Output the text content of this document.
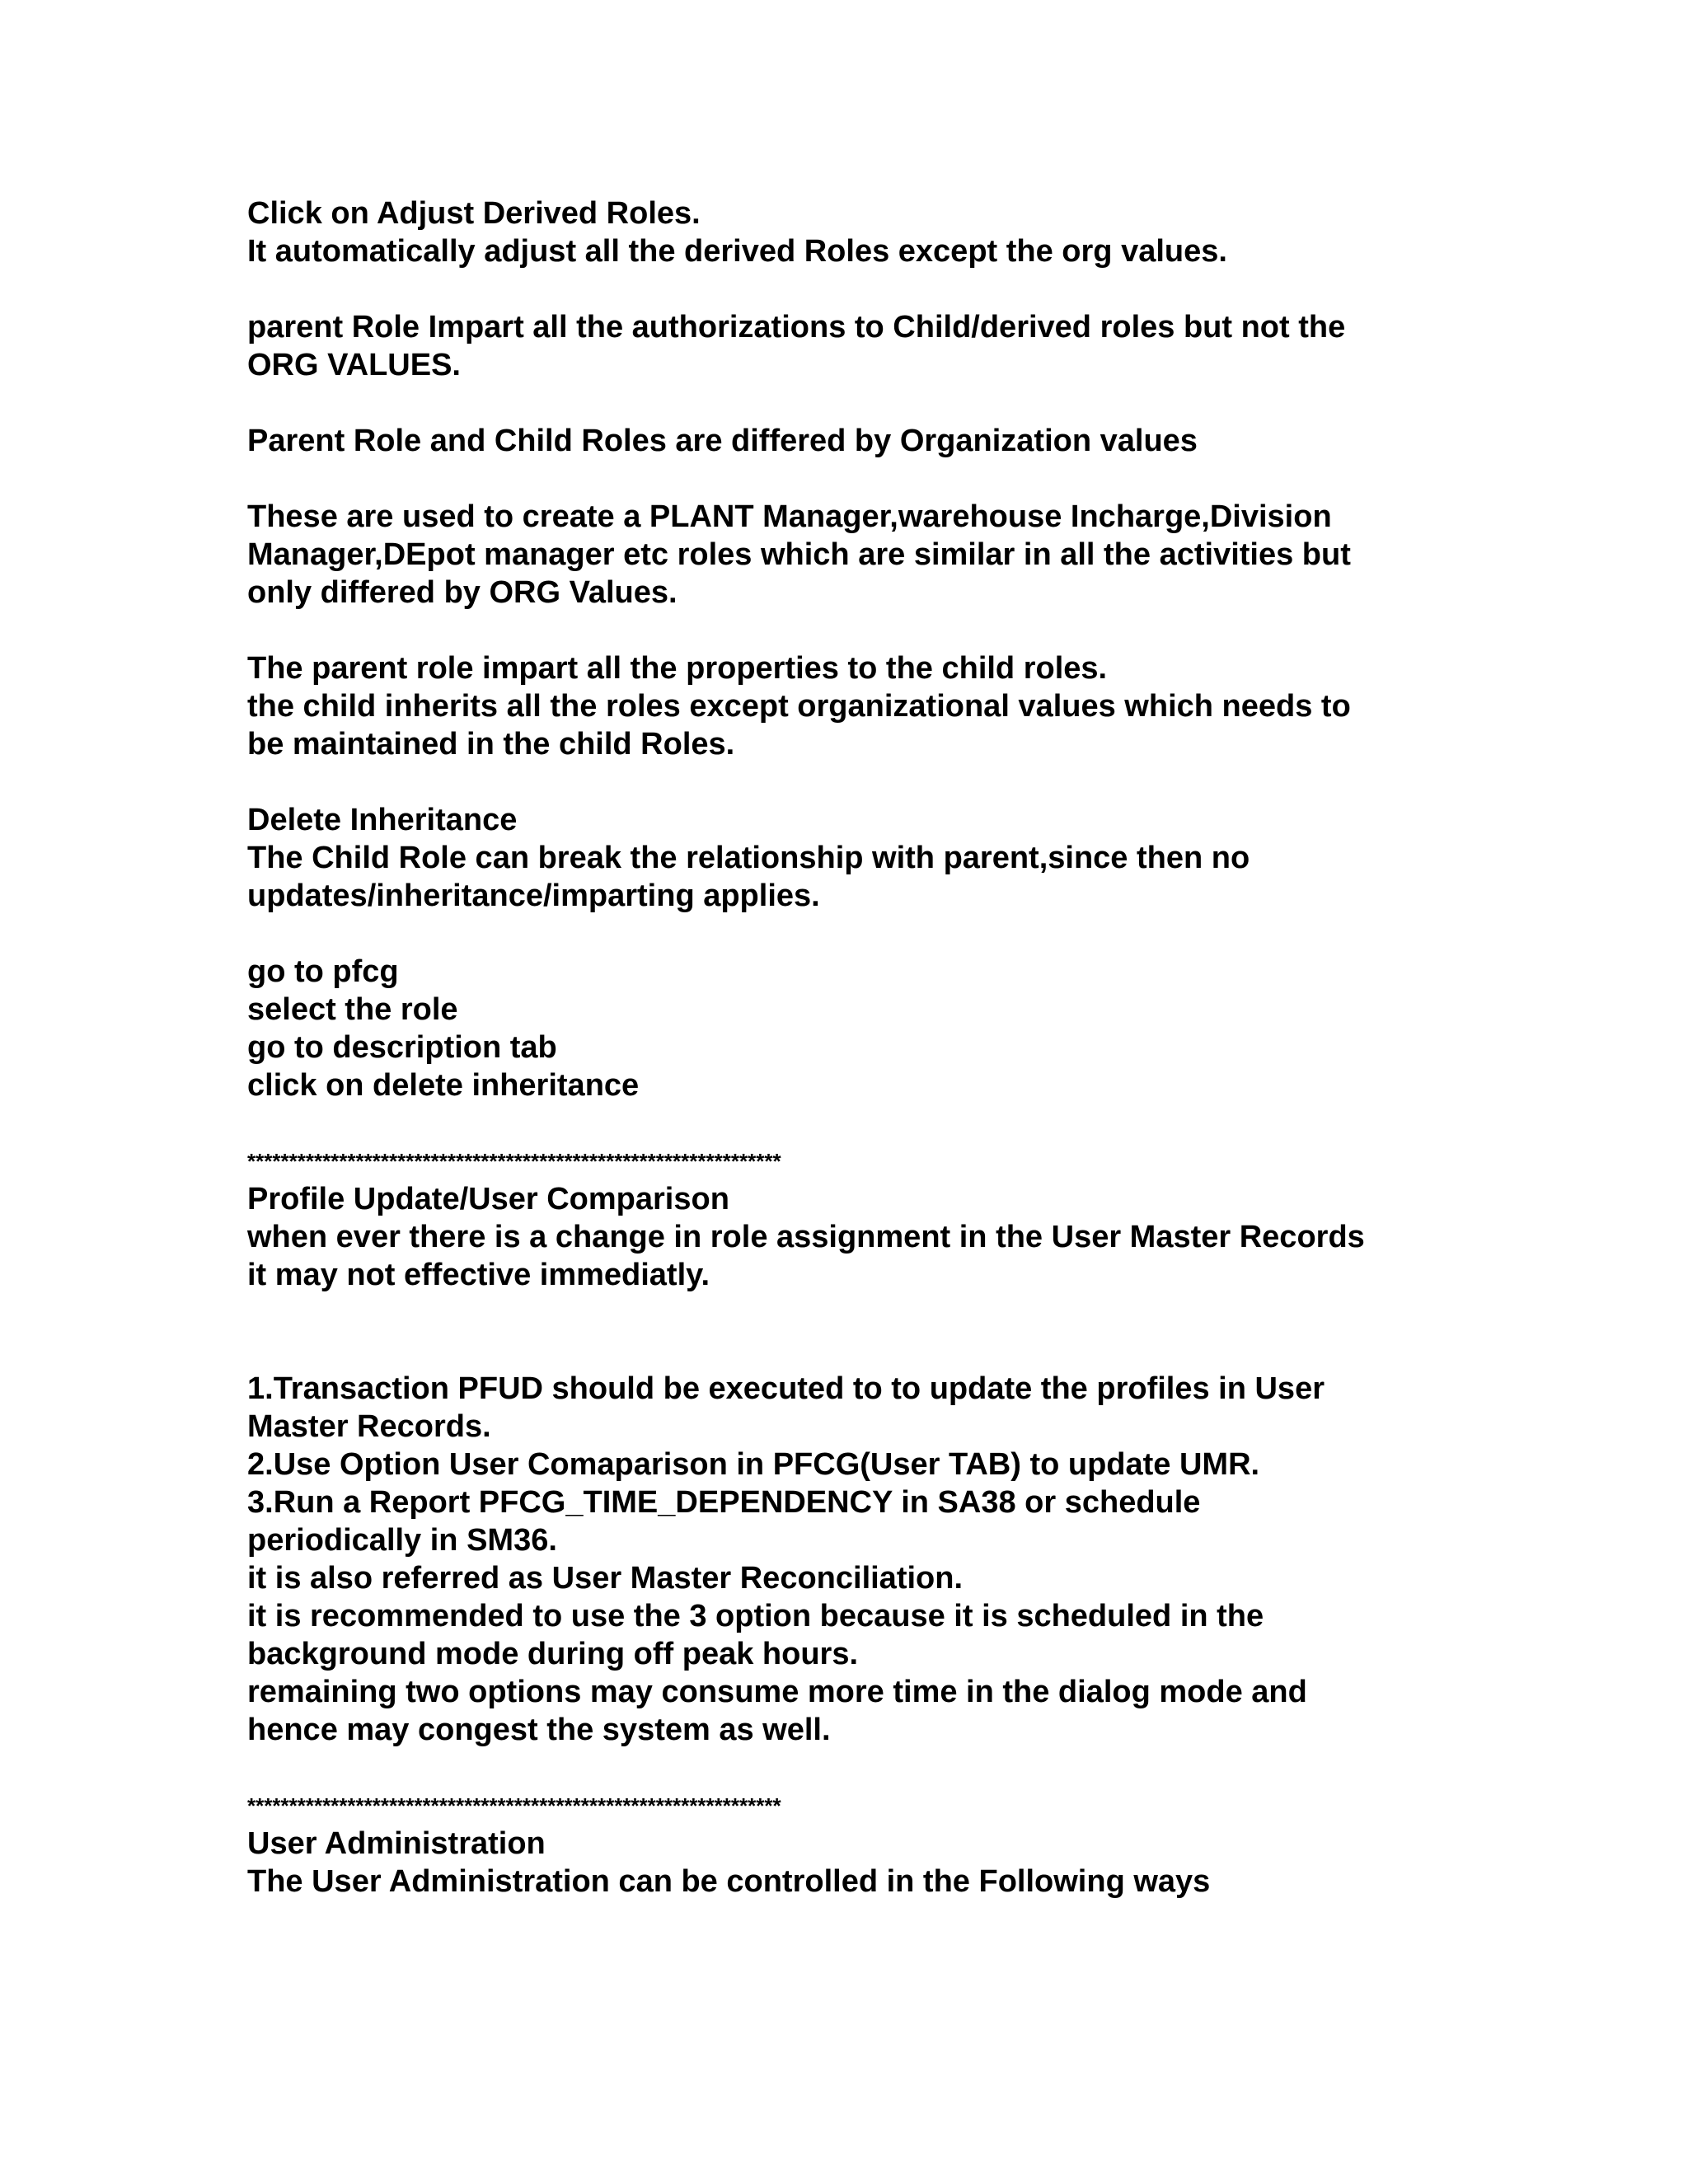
Click on Adjust Derived Roles.
It automatically adjust all the derived Roles except the org values.
parent Role Impart all the authorizations to Child/derived roles but not the
ORG VALUES.
Parent Role and Child Roles are differed by Organization values
These are used to create a PLANT Manager,warehouse Incharge,Division
Manager,DEpot manager etc roles which are similar in all the activities but
only differed by ORG Values.
The parent role impart all the properties to the child roles.
the child inherits all the roles except organizational values which needs to
be maintained in the child Roles.
Delete Inheritance
The Child Role can break the relationship with parent,since then no
updates/inheritance/imparting applies.
go to pfcg
select the role
go to description tab
click on delete inheritance
****************************************************************
Profile Update/User Comparison
when ever there is a change in role assignment in the User Master Records
it may not effective immediatly.
1.Transaction PFUD should be executed to to update the profiles in User
Master Records.
2.Use Option User Comaparison in PFCG(User TAB) to update UMR.
3.Run a Report PFCG_TIME_DEPENDENCY in SA38 or schedule
periodically in SM36.
it is also referred as User Master Reconciliation.
it is recommended to use the 3 option because it is scheduled in the
background mode during off peak hours.
remaining two options may consume more time in the dialog mode and
hence may congest the system as well.
****************************************************************
User Administration
The User Administration can be controlled in the Following ways
